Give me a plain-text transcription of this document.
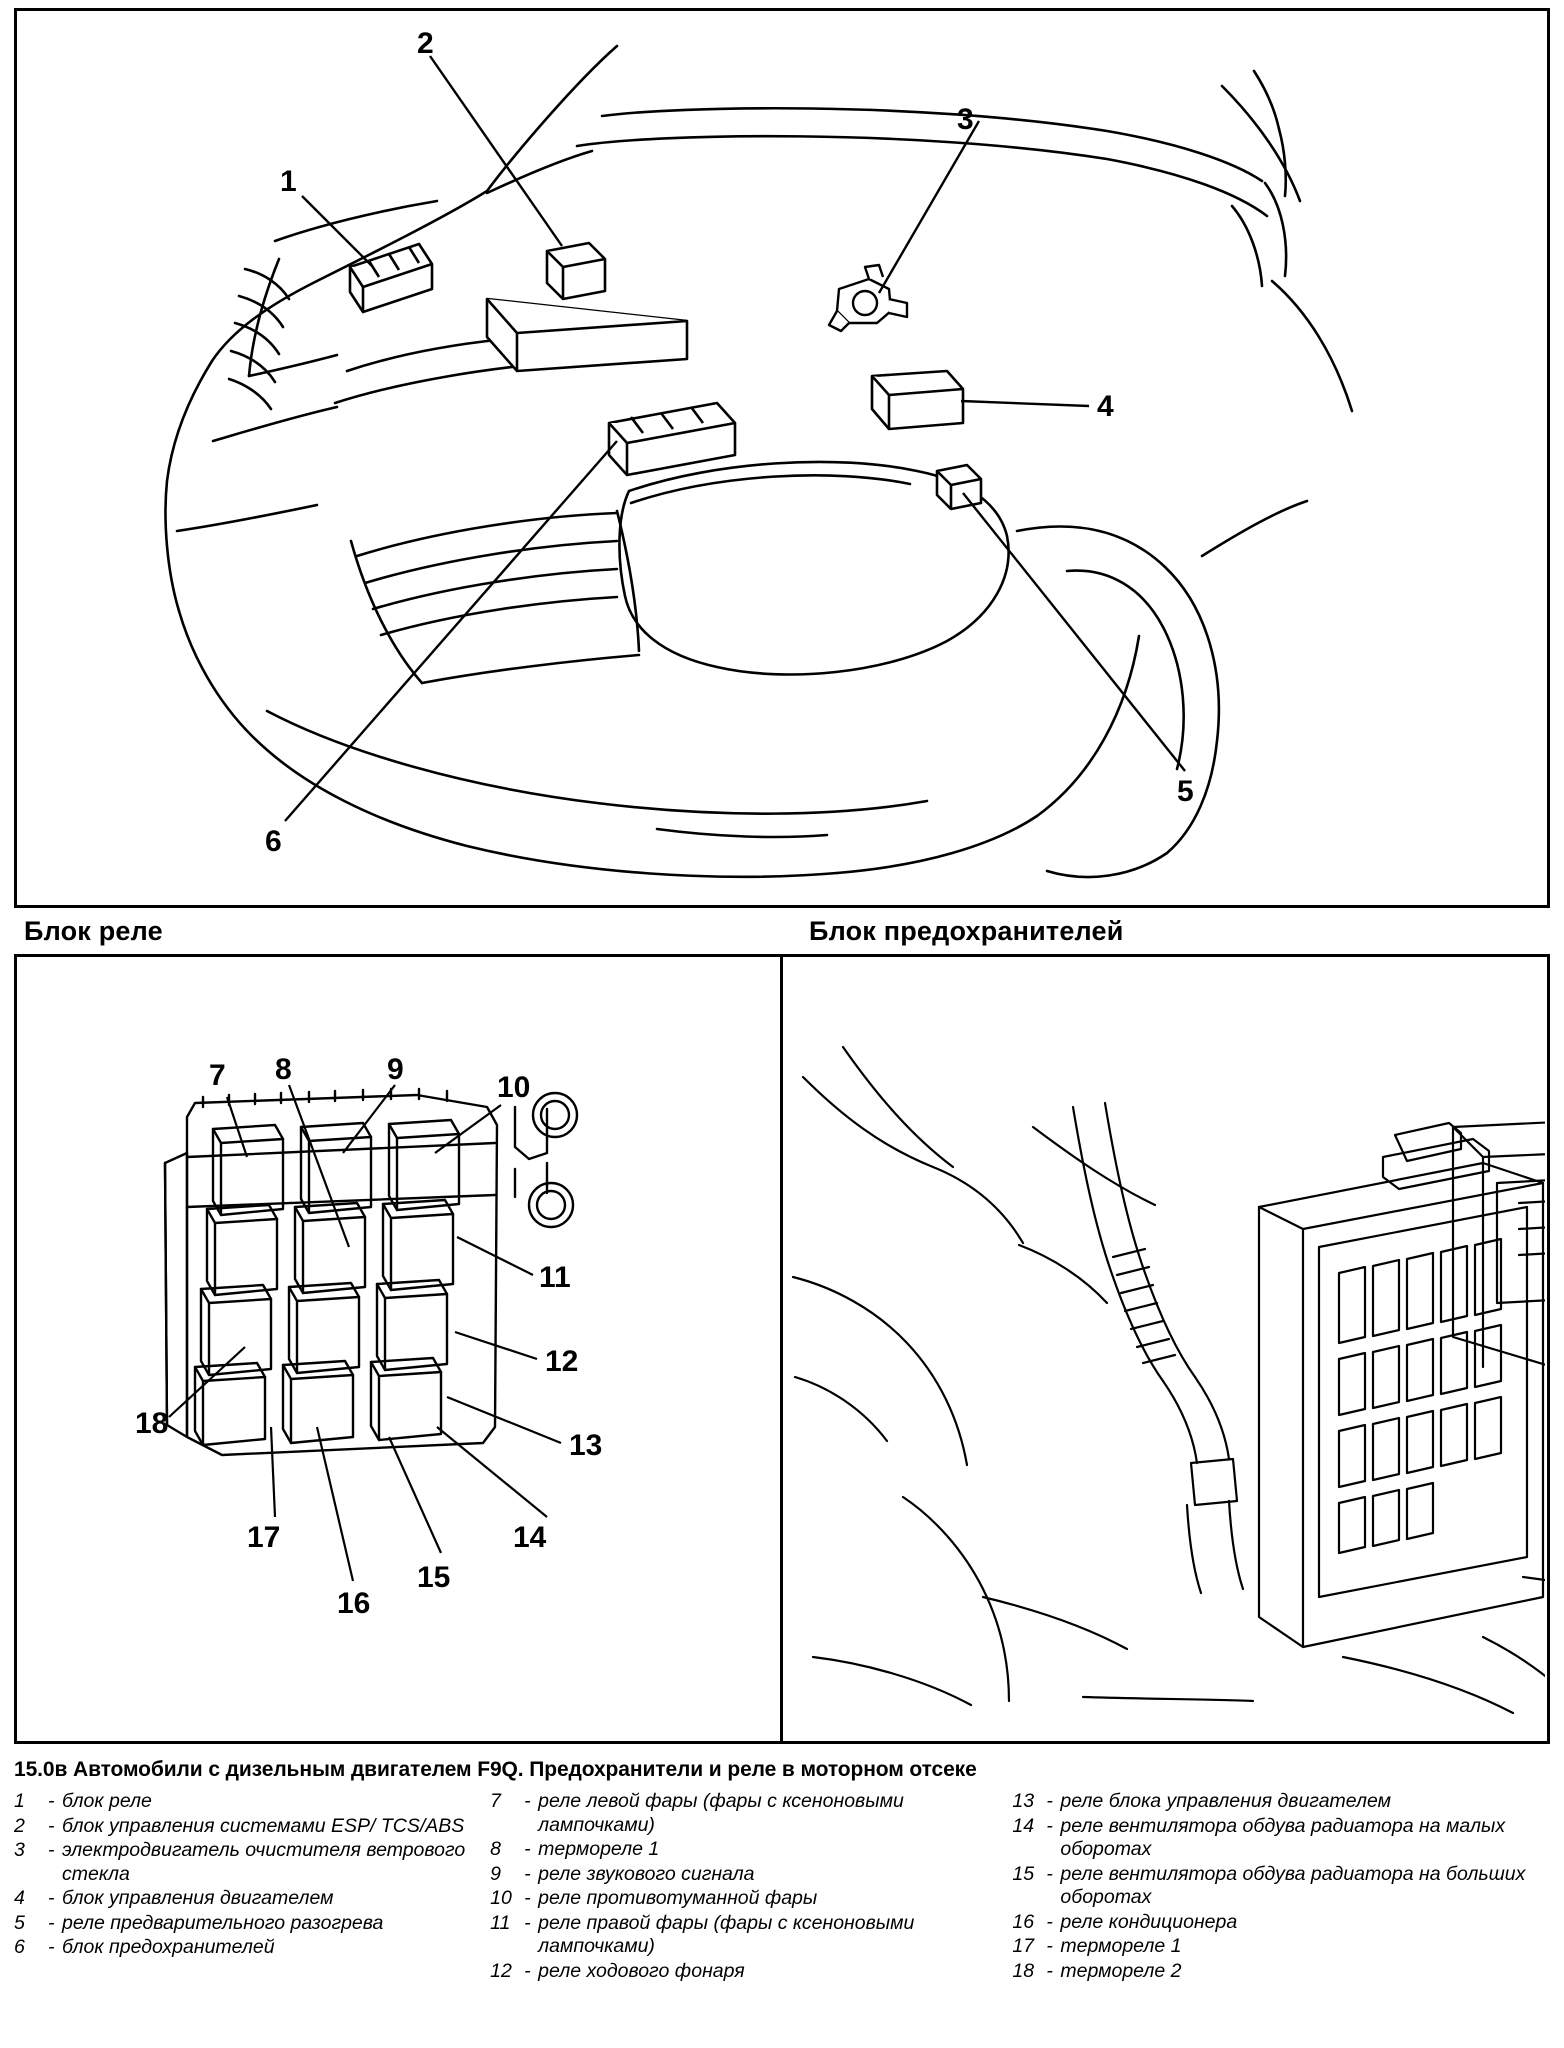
1
2
3
4
5
6
Блок реле	Блок предохранителей
7 8	9
10
11
12
13
14
15
16
17
18
15.0в Автомобили с дизельным двигателем F9Q. Предохранители и реле в моторном отсеке
1	- блок реле
2	- блок управления системами ESP/ TCS/ABS
3	- электродвигатель очистителя ветрового стекла
4	- блок управления двигателем
5	- реле предварительного разогрева
6	- блок предохранителей
7	- реле левой фары (фары с ксеноновыми лампочками)
8	- термореле 1
9	- реле звукового сигнала
10 - реле противотуманной фары
11 - реле правой фары (фары с ксеноновыми лампочками)
12 - реле ходового фонаря
13 - реле блока управления двигателем
14 - реле вентилятора обдува радиатора на малых оборотах
15 - реле вентилятора обдува радиатора на больших оборотах
16 - реле кондиционера
17 - термореле 1
18 - термореле 2
